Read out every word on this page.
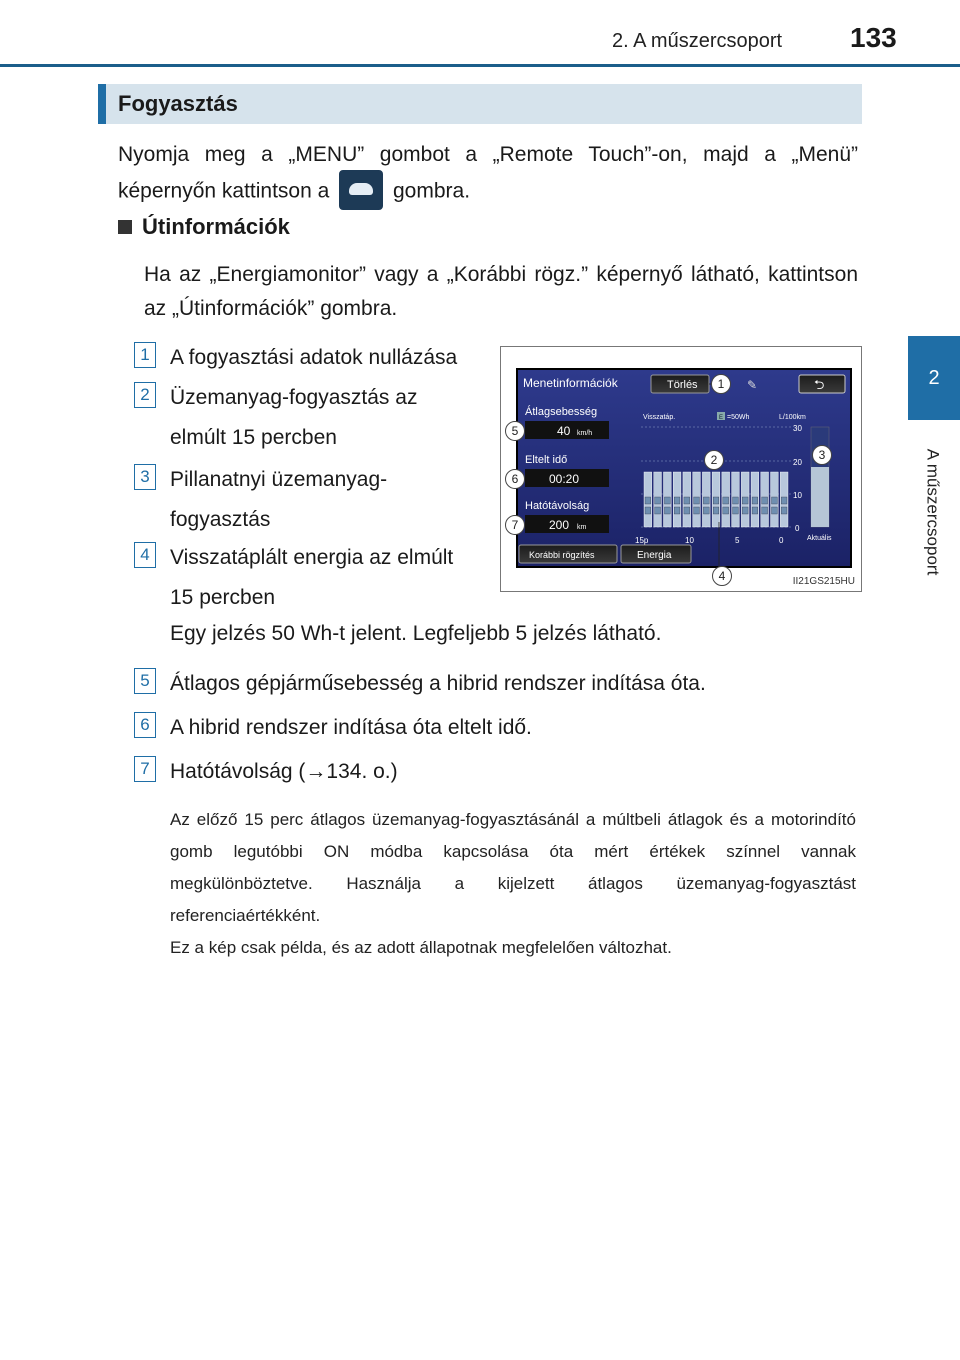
2. A műszercsoport 133
2
A műszercsoport
Fogyasztás

Nyomja meg a „MENU” gombot a „Remote Touch”-on, majd a „Menü” képernyőn kattintson a	gombra.

Útinformációk

Ha az „Energiamonitor” vagy a „Korábbi rögz.” képernyő látható, kattintson az „Útinformációk” gombra.

1 A fogyasztási adatok nullázása
2 Üzemanyag-fogyasztás az elmúlt 15 percben
3 Pillanatnyi üzemanyag-fogyasztás
4 Visszatáplált energia az elmúlt 15 percben
Egy jelzés 50 Wh-t jelent. Legfeljebb 5 jelzés látható.
5 Átlagos gépjárműsebesség a hibrid rendszer indítása óta.
6 A hibrid rendszer indítása óta eltelt idő.
7 Hatótávolság (→134. o.)

Az előző 15 perc átlagos üzemanyag-fogyasztásánál a múltbeli átlagok és a motorindító gomb legutóbbi ON módba kapcsolása óta mért értékek színnel vannak megkülönböztetve. Használja a kijelzett átlagos üzemanyag-fogyasztást referenciaértékként.

Ez a kép csak példa, és az adott állapotnak megfelelően változhat.

Menetinformációk	Törlés	✎	⮌
Átlagsebesség
40 km/h
Eltelt idő
00:20
Hatótávolság
200 km
Visszatáp.	E =50Wh	L/100km
30
20
10
0
15p	10	5	0	Aktuális
Korábbi rögzítés	Energia
1
2	3
4
5
6
7
II21GS215HU
